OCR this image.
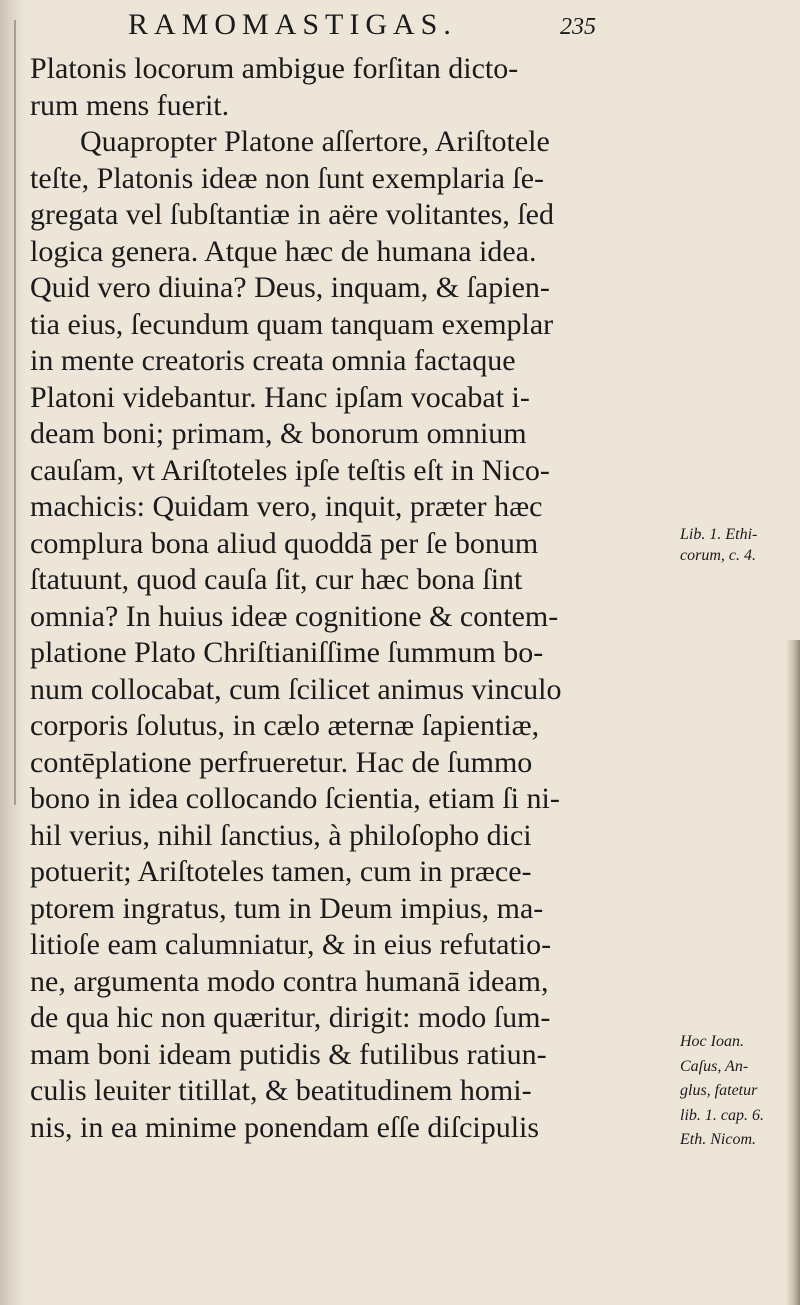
RAMOMASTIGAS.	235
Platonis locorum ambigue forſitan dicto-
rum mens fuerit.
Quapropter Platone aſſertore, Ariſtotele
teſte, Platonis ideæ non ſunt exemplaria ſe-
gregata vel ſubſtantiæ in aëre volitantes, ſed
logica genera. Atque hæc de humana idea.
Quid vero diuina? Deus, inquam, & ſapien-
tia eius, ſecundum quam tanquam exemplar
in mente creatoris creata omnia factaque
Platoni videbantur. Hanc ipſam vocabat i-
deam boni; primam, & bonorum omnium
cauſam, vt Ariſtoteles ipſe teſtis eſt in Nico-
machicis: Quidam vero, inquit, præter hæc
complura bona aliud quoddā per ſe bonum
ſtatuunt, quod cauſa ſit, cur hæc bona ſint
omnia? In huius ideæ cognitione & contem-
platione Plato Chriſtianiſſime ſummum bo-
num collocabat, cum ſcilicet animus vinculo
corporis ſolutus, in cælo æternæ ſapientiæ,
contēplatione perfrueretur. Hac de ſummo
bono in idea collocando ſcientia, etiam ſi ni-
hil verius, nihil ſanctius, à philoſopho dici
potuerit; Ariſtoteles tamen, cum in præce-
ptorem ingratus, tum in Deum impius, ma-
litioſe eam calumniatur, & in eius refutatio-
ne, argumenta modo contra humanā ideam,
de qua hic non quæritur, dirigit: modo ſum-
mam boni ideam putidis & futilibus ratiun-
culis leuiter titillat, & beatitudinem homi-
nis, in ea minime ponendam eſſe diſcipulis
Lib. 1. Ethi-
corum, c. 4.
Hoc Ioan.
Caſus, An-
glus, fatetur
lib. 1. cap. 6.
Eth. Nicom.
